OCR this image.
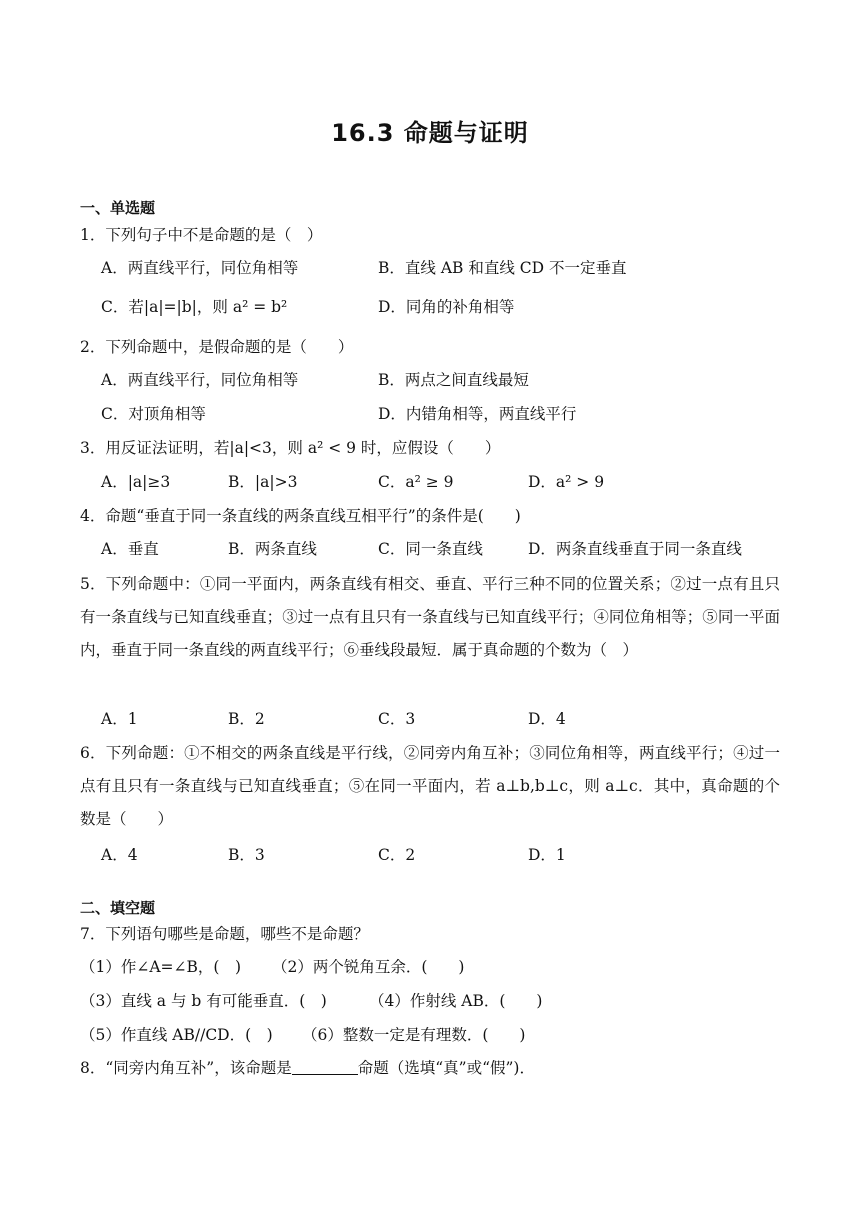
16.3 命题与证明
一、单选题
1．下列句子中不是命题的是（　）
A．两直线平行，同位角相等	B．直线 AB 和直线 CD 不一定垂直
C．若|a|=|b|，则 a² = b²	D．同角的补角相等
2．下列命题中，是假命题的是（　　）
A．两直线平行，同位角相等	B．两点之间直线最短
C．对顶角相等	D．内错角相等，两直线平行
3．用反证法证明，若|a|<3，则 a² < 9 时，应假设（　　）
A．|a|≥3	B．|a|>3	C．a² ≥ 9	D．a² > 9
4．命题“垂直于同一条直线的两条直线互相平行”的条件是(　　)
A．垂直	B．两条直线	C．同一条直线	D．两条直线垂直于同一条直线
5．下列命题中：①同一平面内，两条直线有相交、垂直、平行三种不同的位置关系；②过一点有且只有一条直线与已知直线垂直；③过一点有且只有一条直线与已知直线平行；④同位角相等；⑤同一平面内，垂直于同一条直线的两直线平行；⑥垂线段最短．属于真命题的个数为（　）
A．1	B．2	C．3	D．4
6．下列命题：①不相交的两条直线是平行线，②同旁内角互补；③同位角相等，两直线平行；④过一点有且只有一条直线与已知直线垂直；⑤在同一平面内，若 a⊥b,b⊥c，则 a⊥c．其中，真命题的个数是（　　）
A．4	B．3	C．2	D．1
二、填空题
7．下列语句哪些是命题，哪些不是命题？
（1）作∠A=∠B，(　) （2）两个锐角互余．(　　)
（3）直线 a 与 b 有可能垂直．(　)	（4）作射线 AB．(　　)
（5）作直线 AB//CD．(　) （6）整数一定是有理数．(　　)
8．“同旁内角互补”，该命题是	命题（选填“真”或“假”)．
